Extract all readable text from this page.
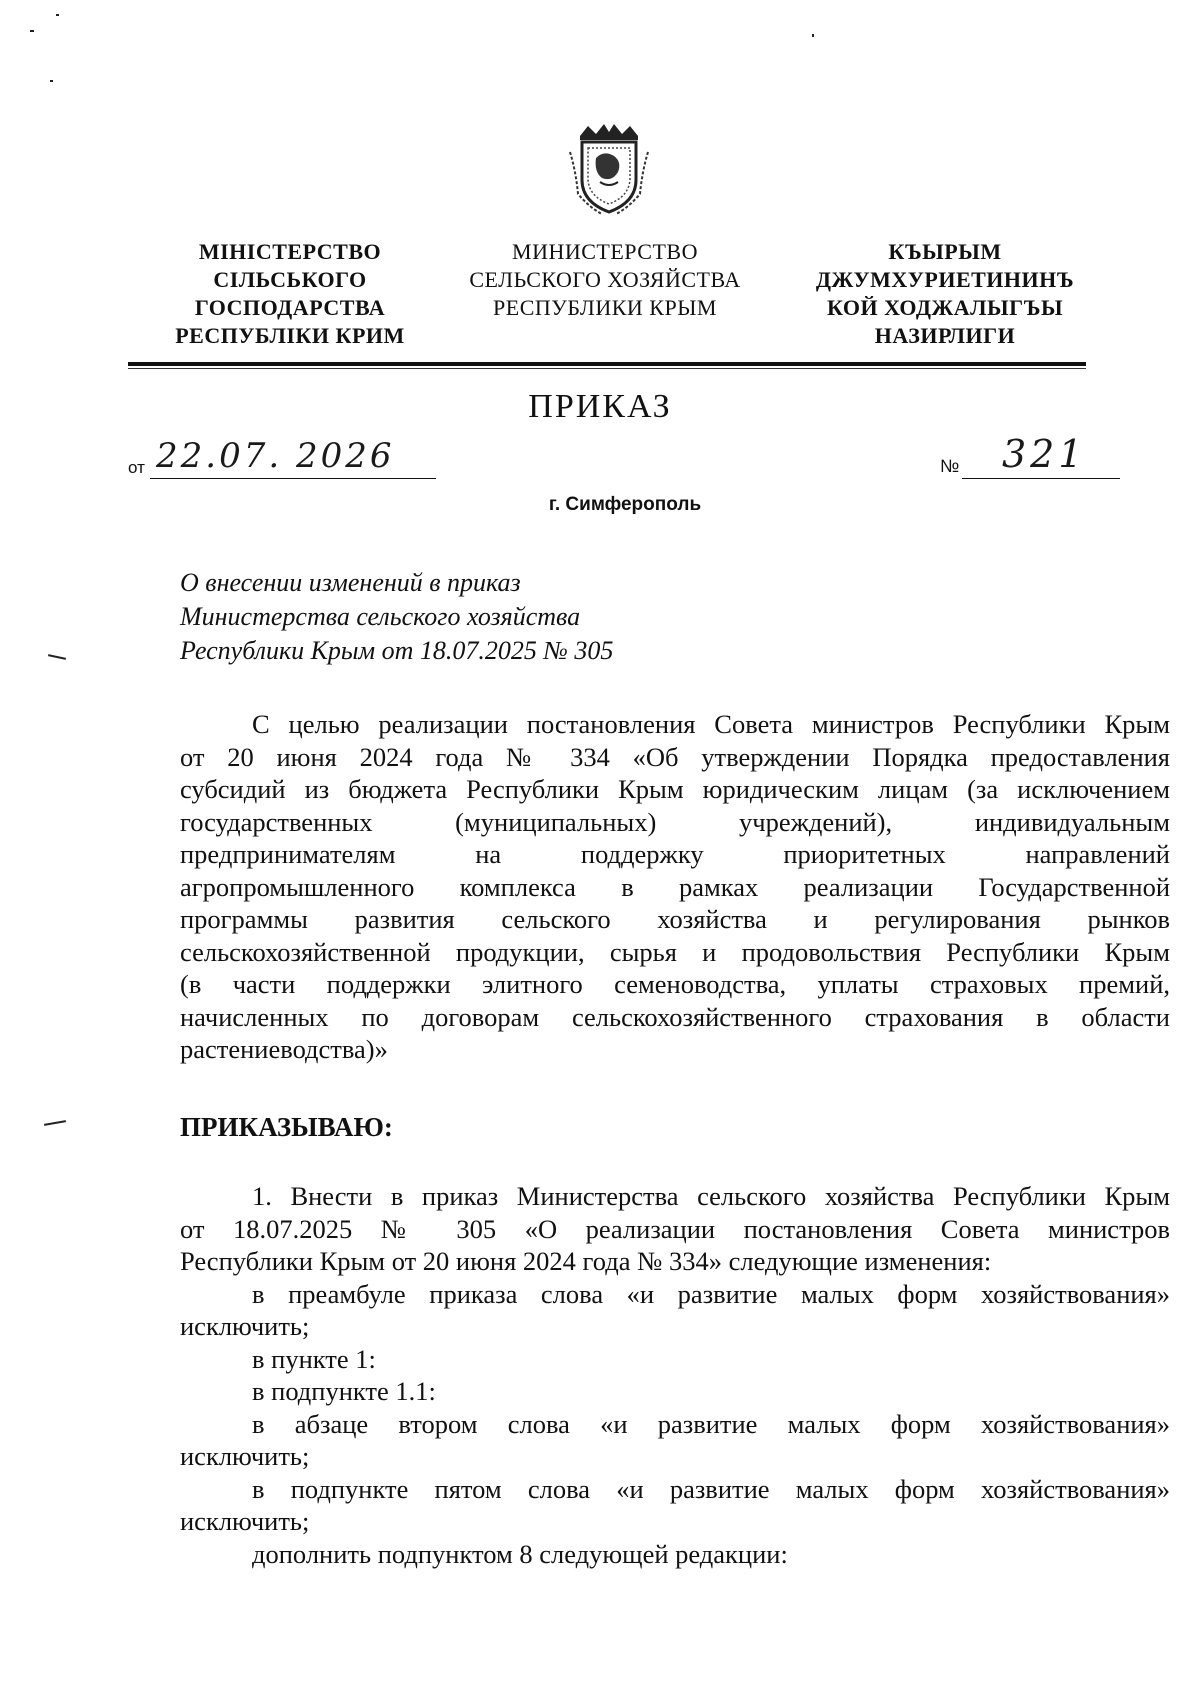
МІНІСТЕРСТВО
СІЛЬСЬКОГО
ГОСПОДАРСТВА
РЕСПУБЛІКИ КРИМ
МИНИСТЕРСТВО
СЕЛЬСКОГО ХОЗЯЙСТВА
РЕСПУБЛИКИ КРЫМ
КЪЫРЫМ
ДЖУМХУРИЕТИНИНЪ
КОЙ ХОДЖАЛЫГЪЫ
НАЗИРЛИГИ
ПРИКАЗ
от 22.07. 2026	№ 321
г. Симферополь
О внесении изменений в приказ
Министерства сельского хозяйства
Республики Крым от 18.07.2025 № 305
С целью реализации постановления Совета министров Республики Крым
от 20 июня 2024 года № 334 «Об утверждении Порядка предоставления
субсидий из бюджета Республики Крым юридическим лицам (за исключением
государственных (муниципальных) учреждений), индивидуальным
предпринимателям на поддержку приоритетных направлений
агропромышленного комплекса в рамках реализации Государственной
программы развития сельского хозяйства и регулирования рынков
сельскохозяйственной продукции, сырья и продовольствия Республики Крым
(в части поддержки элитного семеноводства, уплаты страховых премий,
начисленных по договорам сельскохозяйственного страхования в области
растениеводства)»
ПРИКАЗЫВАЮ:
1. Внести в приказ Министерства сельского хозяйства Республики Крым
от 18.07.2025 № 305 «О реализации постановления Совета министров
Республики Крым от 20 июня 2024 года № 334» следующие изменения:
в преамбуле приказа слова «и развитие малых форм хозяйствования»
исключить;
в пункте 1:
в подпункте 1.1:
в абзаце втором слова «и развитие малых форм хозяйствования»
исключить;
в подпункте пятом слова «и развитие малых форм хозяйствования»
исключить;
дополнить подпунктом 8 следующей редакции:
